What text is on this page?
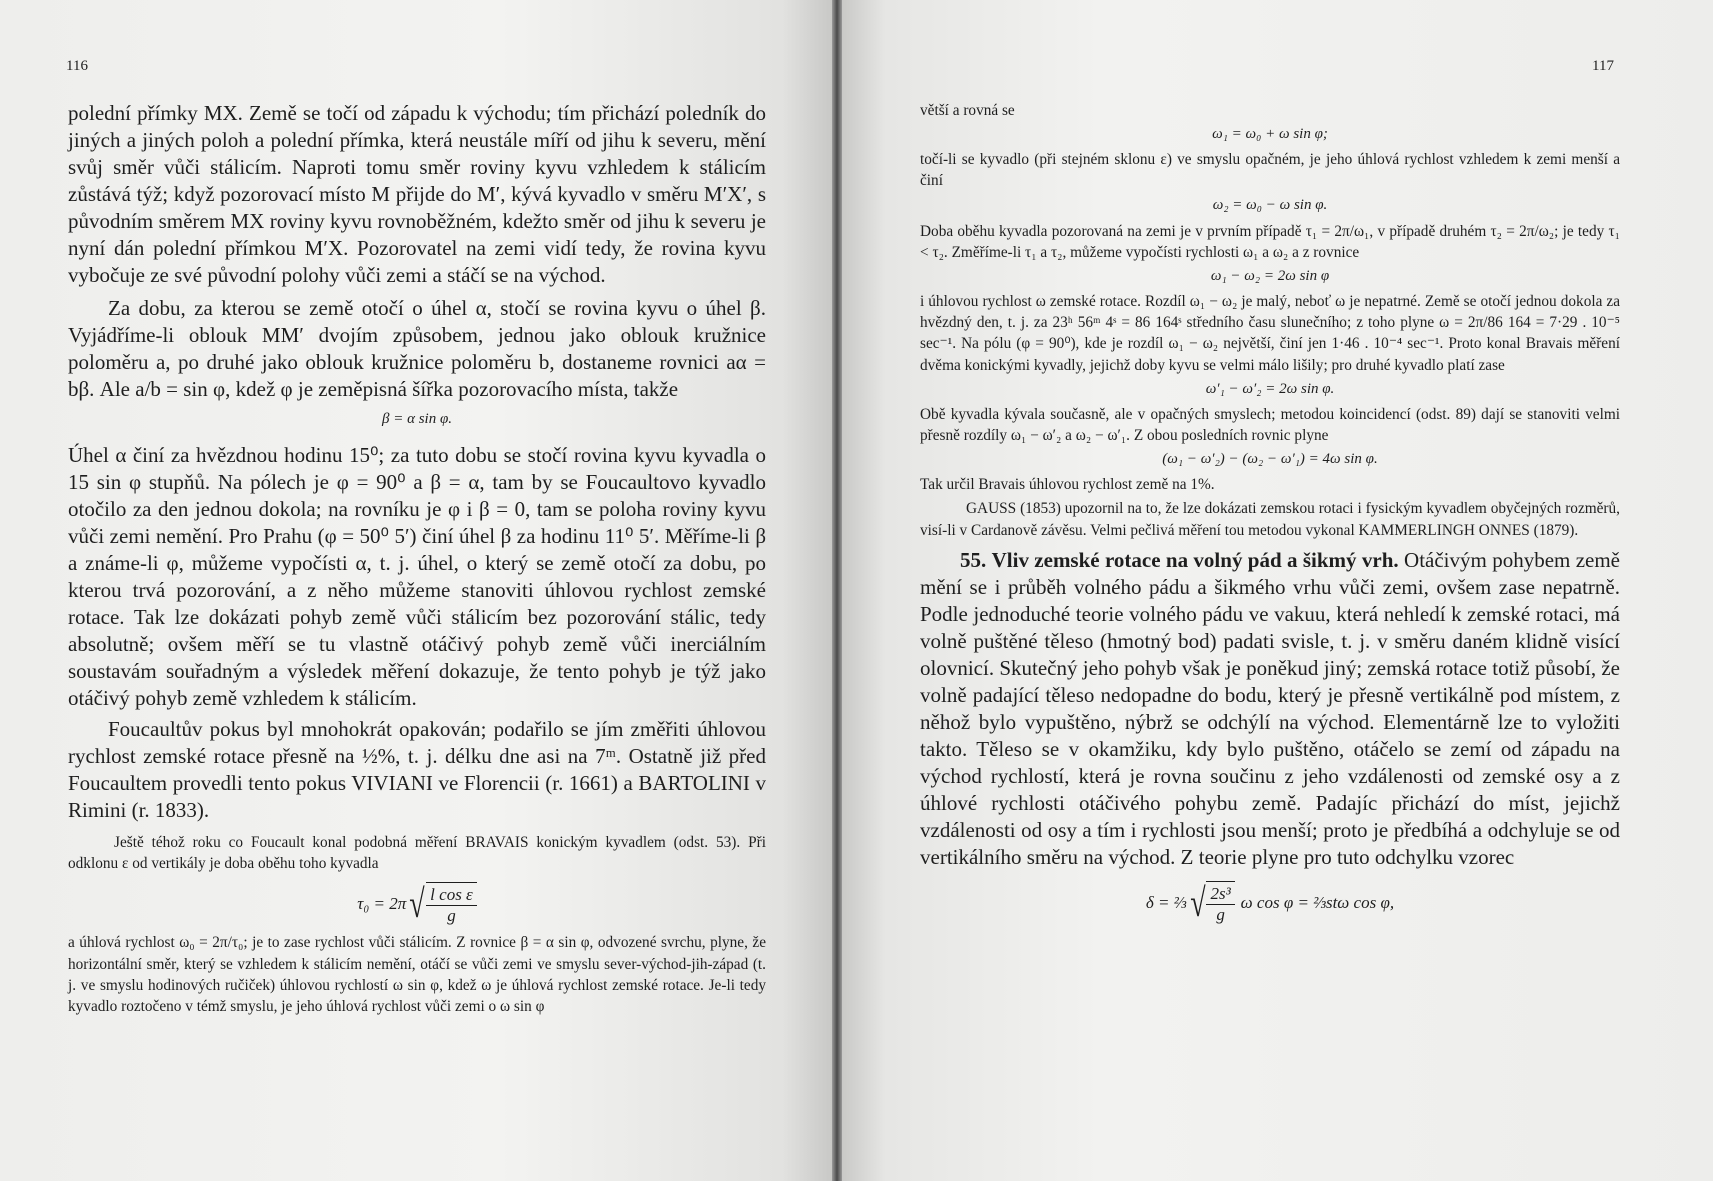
116

polední přímky MX. Země se točí od západu k východu; tím přichází poledník do jiných a jiných poloh a polední přímka, která neustále míří od jihu k severu, mění svůj směr vůči stálicím. Naproti tomu směr roviny kyvu vzhledem k stálicím zůstává týž; když pozorovací místo M přijde do M′, kývá kyvadlo v směru M′X′, s původním směrem MX roviny kyvu rovnoběžném, kdežto směr od jihu k severu je nyní dán polední přímkou M′X. Pozorovatel na zemi vidí tedy, že rovina kyvu vybočuje ze své původní polohy vůči zemi a stáčí se na východ.

Za dobu, za kterou se země otočí o úhel α, stočí se rovina kyvu o úhel β. Vyjádříme-li oblouk MM′ dvojím způsobem, jednou jako oblouk kružnice poloměru a, po druhé jako oblouk kružnice poloměru b, dostaneme rovnici aα = bβ. Ale a/b = sin φ, kdež φ je zeměpisná šířka pozorovacího místa, takže

β = α sin φ.

Úhel α činí za hvězdnou hodinu 15⁰; za tuto dobu se stočí rovina kyvu kyvadla o 15 sin φ stupňů. Na pólech je φ = 90⁰ a β = α, tam by se Foucaultovo kyvadlo otočilo za den jednou dokola; na rovníku je φ i β = 0, tam se poloha roviny kyvu vůči zemi nemění. Pro Prahu (φ = 50⁰ 5′) činí úhel β za hodinu 11⁰ 5′. Měříme-li β a známe-li φ, můžeme vypočísti α, t. j. úhel, o který se země otočí za dobu, po kterou trvá pozorování, a z něho můžeme stanoviti úhlovou rychlost zemské rotace. Tak lze dokázati pohyb země vůči stálicím bez pozorování stálic, tedy absolutně; ovšem měří se tu vlastně otáčivý pohyb země vůči inerciálním soustavám souřadným a výsledek měření dokazuje, že tento pohyb je týž jako otáčivý pohyb země vzhledem k stálicím.

Foucaultův pokus byl mnohokrát opakován; podařilo se jím změřiti úhlovou rychlost zemské rotace přesně na ½%, t. j. délku dne asi na 7ᵐ. Ostatně již před Foucaultem provedli tento pokus VIVIANI ve Florencii (r. 1661) a BARTOLINI v Rimini (r. 1833).

Ještě téhož roku co Foucault konal podobná měření BRAVAIS konickým kyvadlem (odst. 53). Při odklonu ε od vertikály je doba oběhu toho kyvadla

τ₀ = 2π √ $\frac{\text{l cos ε}}{g}$

a úhlová rychlost ω₀ = 2π/τ₀; je to zase rychlost vůči stálicím. Z rovnice β = α sin φ, odvozené svrchu, plyne, že horizontální směr, který se vzhledem k stálicím nemění, otáčí se vůči zemi ve smyslu sever-východ-jih-západ (t. j. ve smyslu hodinových ručiček) úhlovou rychlostí ω sin φ, kdež ω je úhlová rychlost zemské rotace. Je-li tedy kyvadlo roztočeno v témž smyslu, je jeho úhlová rychlost vůči zemi o ω sin φ

117

větší a rovná se

ω₁ = ω₀ + ω sin φ;

točí-li se kyvadlo (při stejném sklonu ε) ve smyslu opačném, je jeho úhlová rychlost vzhledem k zemi menší a činí

ω₂ = ω₀ − ω sin φ.

Doba oběhu kyvadla pozorovaná na zemi je v prvním případě τ₁ = 2π/ω₁, v případě druhém τ₂ = 2π/ω₂; je tedy τ₁ < τ₂. Změříme-li τ₁ a τ₂, můžeme vypočísti rychlosti ω₁ a ω₂ a z rovnice

ω₁ − ω₂ = 2ω sin φ

i úhlovou rychlost ω zemské rotace. Rozdíl ω₁ − ω₂ je malý, neboť ω je nepatrné. Země se otočí jednou dokola za hvězdný den, t. j. za 23ʰ 56ᵐ 4ˢ = 86 164ˢ středního času slunečního; z toho plyne ω = 2π/86 164 = 7·29 . 10⁻⁵ sec⁻¹. Na pólu (φ = 90⁰), kde je rozdíl ω₁ − ω₂ největší, činí jen 1·46 . 10⁻⁴ sec⁻¹. Proto konal Bravais měření dvěma konickými kyvadly, jejichž doby kyvu se velmi málo lišily; pro druhé kyvadlo platí zase

ω′₁ − ω′₂ = 2ω sin φ.

Obě kyvadla kývala současně, ale v opačných smyslech; metodou koincidencí (odst. 89) dají se stanoviti velmi přesně rozdíly ω₁ − ω′₂ a ω₂ − ω′₁. Z obou posledních rovnic plyne

(ω₁ − ω′₂) − (ω₂ − ω′₁) = 4ω sin φ.

Tak určil Bravais úhlovou rychlost země na 1%.

GAUSS (1853) upozornil na to, že lze dokázati zemskou rotaci i fysickým kyvadlem obyčejných rozměrů, visí-li v Cardanově závěsu. Velmi pečlivá měření tou metodou vykonal KAMMERLINGH ONNES (1879).

55. Vliv zemské rotace na volný pád a šikmý vrh. Otáčivým pohybem země mění se i průběh volného pádu a šikmého vrhu vůči zemi, ovšem zase nepatrně. Podle jednoduché teorie volného pádu ve vakuu, která nehledí k zemské rotaci, má volně puštěné těleso (hmotný bod) padati svisle, t. j. v směru daném klidně visící olovnicí. Skutečný jeho pohyb však je poněkud jiný; zemská rotace totiž působí, že volně padající těleso nedopadne do bodu, který je přesně vertikálně pod místem, z něhož bylo vypuštěno, nýbrž se odchýlí na východ. Elementárně lze to vyložiti takto. Těleso se v okamžiku, kdy bylo puštěno, otáčelo se zemí od západu na východ rychlostí, která je rovna součinu z jeho vzdálenosti od zemské osy a z úhlové rychlosti otáčivého pohybu země. Padajíc přichází do míst, jejichž vzdálenosti od osy a tím i rychlosti jsou menší; proto je předbíhá a odchyluje se od vertikálního směru na východ. Z teorie plyne pro tuto odchylku vzorec

δ = ⅔ √ $\frac{\text{2s³}}{g}$ ω cos φ = ⅔stω cos φ,
